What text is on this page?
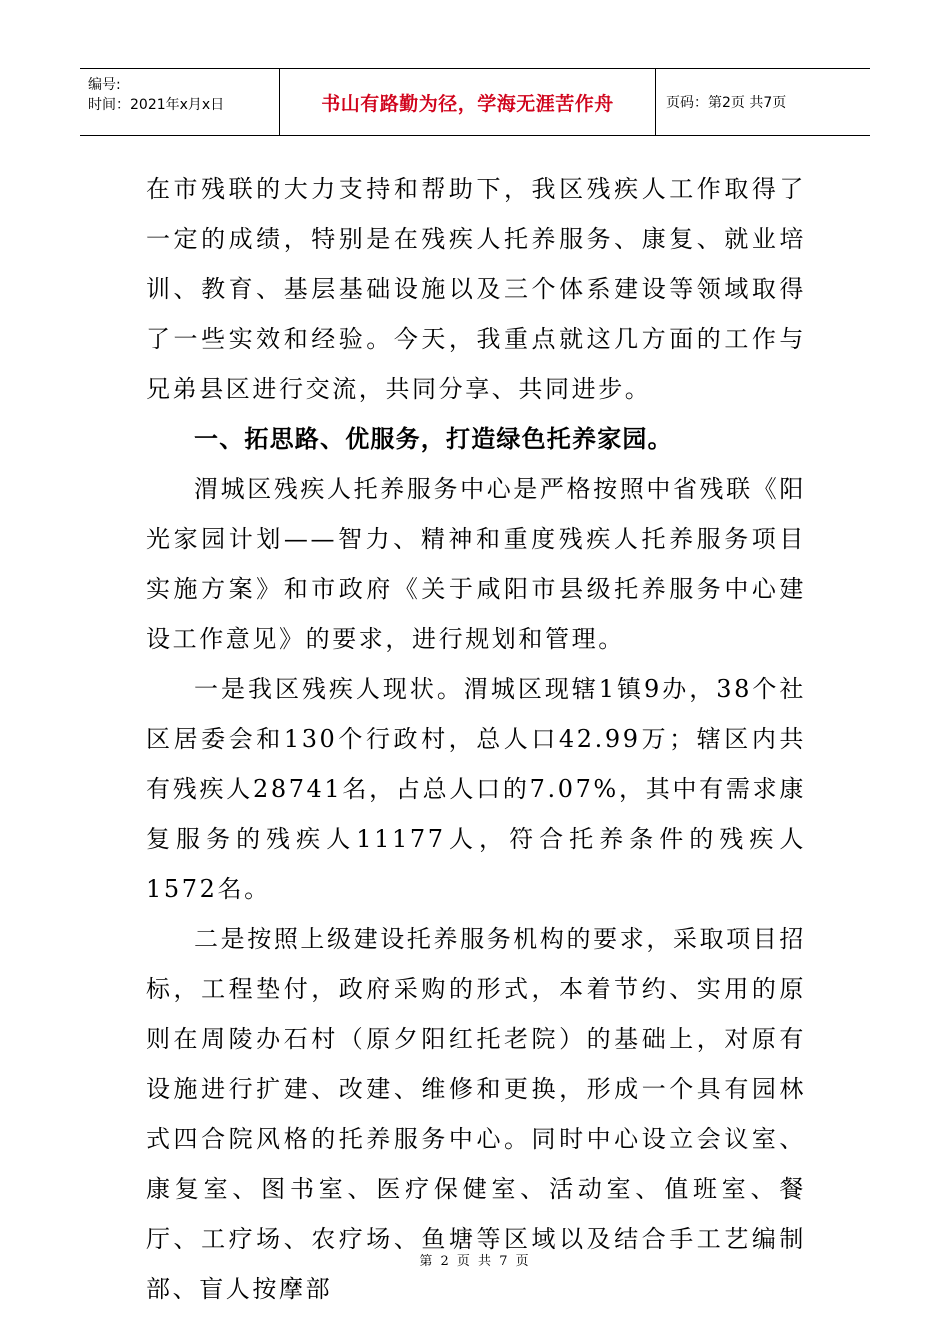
编号:
时间：2021年x月x日	书山有路勤为径，学海无涯苦作舟	页码：第2页 共7页

在市残联的大力支持和帮助下，我区残疾人工作取得了一定的成绩，特别是在残疾人托养服务、康复、就业培训、教育、基层基础设施以及三个体系建设等领域取得了一些实效和经验。今天，我重点就这几方面的工作与兄弟县区进行交流，共同分享、共同进步。

一、拓思路、优服务，打造绿色托养家园。

渭城区残疾人托养服务中心是严格按照中省残联《阳光家园计划——智力、精神和重度残疾人托养服务项目实施方案》和市政府《关于咸阳市县级托养服务中心建设工作意见》的要求，进行规划和管理。

一是我区残疾人现状。渭城区现辖1镇9办，38个社区居委会和130个行政村，总人口42.99万；辖区内共有残疾人28741名，占总人口的7.07%，其中有需求康复服务的残疾人11177人，符合托养条件的残疾人1572名。

二是按照上级建设托养服务机构的要求，采取项目招标，工程垫付，政府采购的形式，本着节约、实用的原则在周陵办石村（原夕阳红托老院）的基础上，对原有设施进行扩建、改建、维修和更换，形成一个具有园林式四合院风格的托养服务中心。同时中心设立会议室、康复室、图书室、医疗保健室、活动室、值班室、餐厅、工疗场、农疗场、鱼塘等区域以及结合手工艺编制部、盲人按摩部

第 2 页 共 7 页
